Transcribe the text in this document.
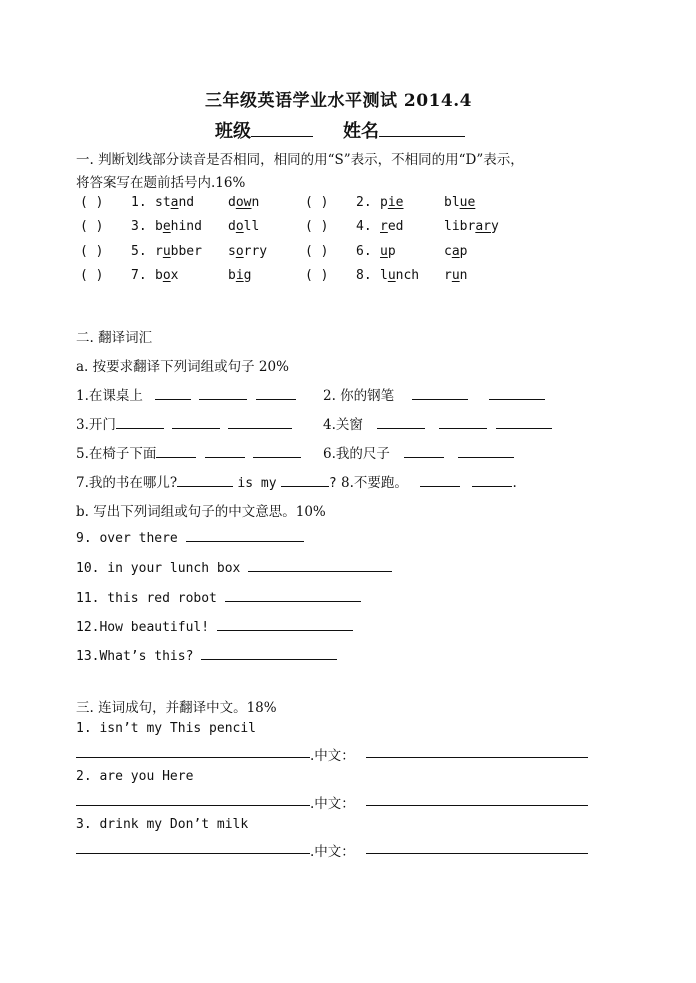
三年级英语学业水平测试 2014.4
班级	姓名
一. 判断划线部分读音是否相同，相同的用“S”表示，不相同的用“D”表示，
将答案写在题前括号内.16%
( ) 1. stand	down	( ) 2. pie	blue
( ) 3. behind doll	( ) 4. red	library
( ) 5. rubber sorry	( ) 6. up	cap
( ) 7. box	big	( ) 8. lunch run
二. 翻译词汇
a. 按要求翻译下列词组或句子 20%
1.在课桌上	2. 你的钢笔
3.开门	4.关窗
5.在椅子下面	6.我的尺子
7.我的书在哪儿?	is my	? 8.不要跑。	.
b. 写出下列词组或句子的中文意思。10%
9. over there
10. in your lunch box
11. this red robot
12.How beautiful!
13.What’s this?
三. 连词成句，并翻译中文。18%
1. isn’t my This pencil
.中文：
2. are you Here
.中文：
3. drink my Don’t milk
.中文：
